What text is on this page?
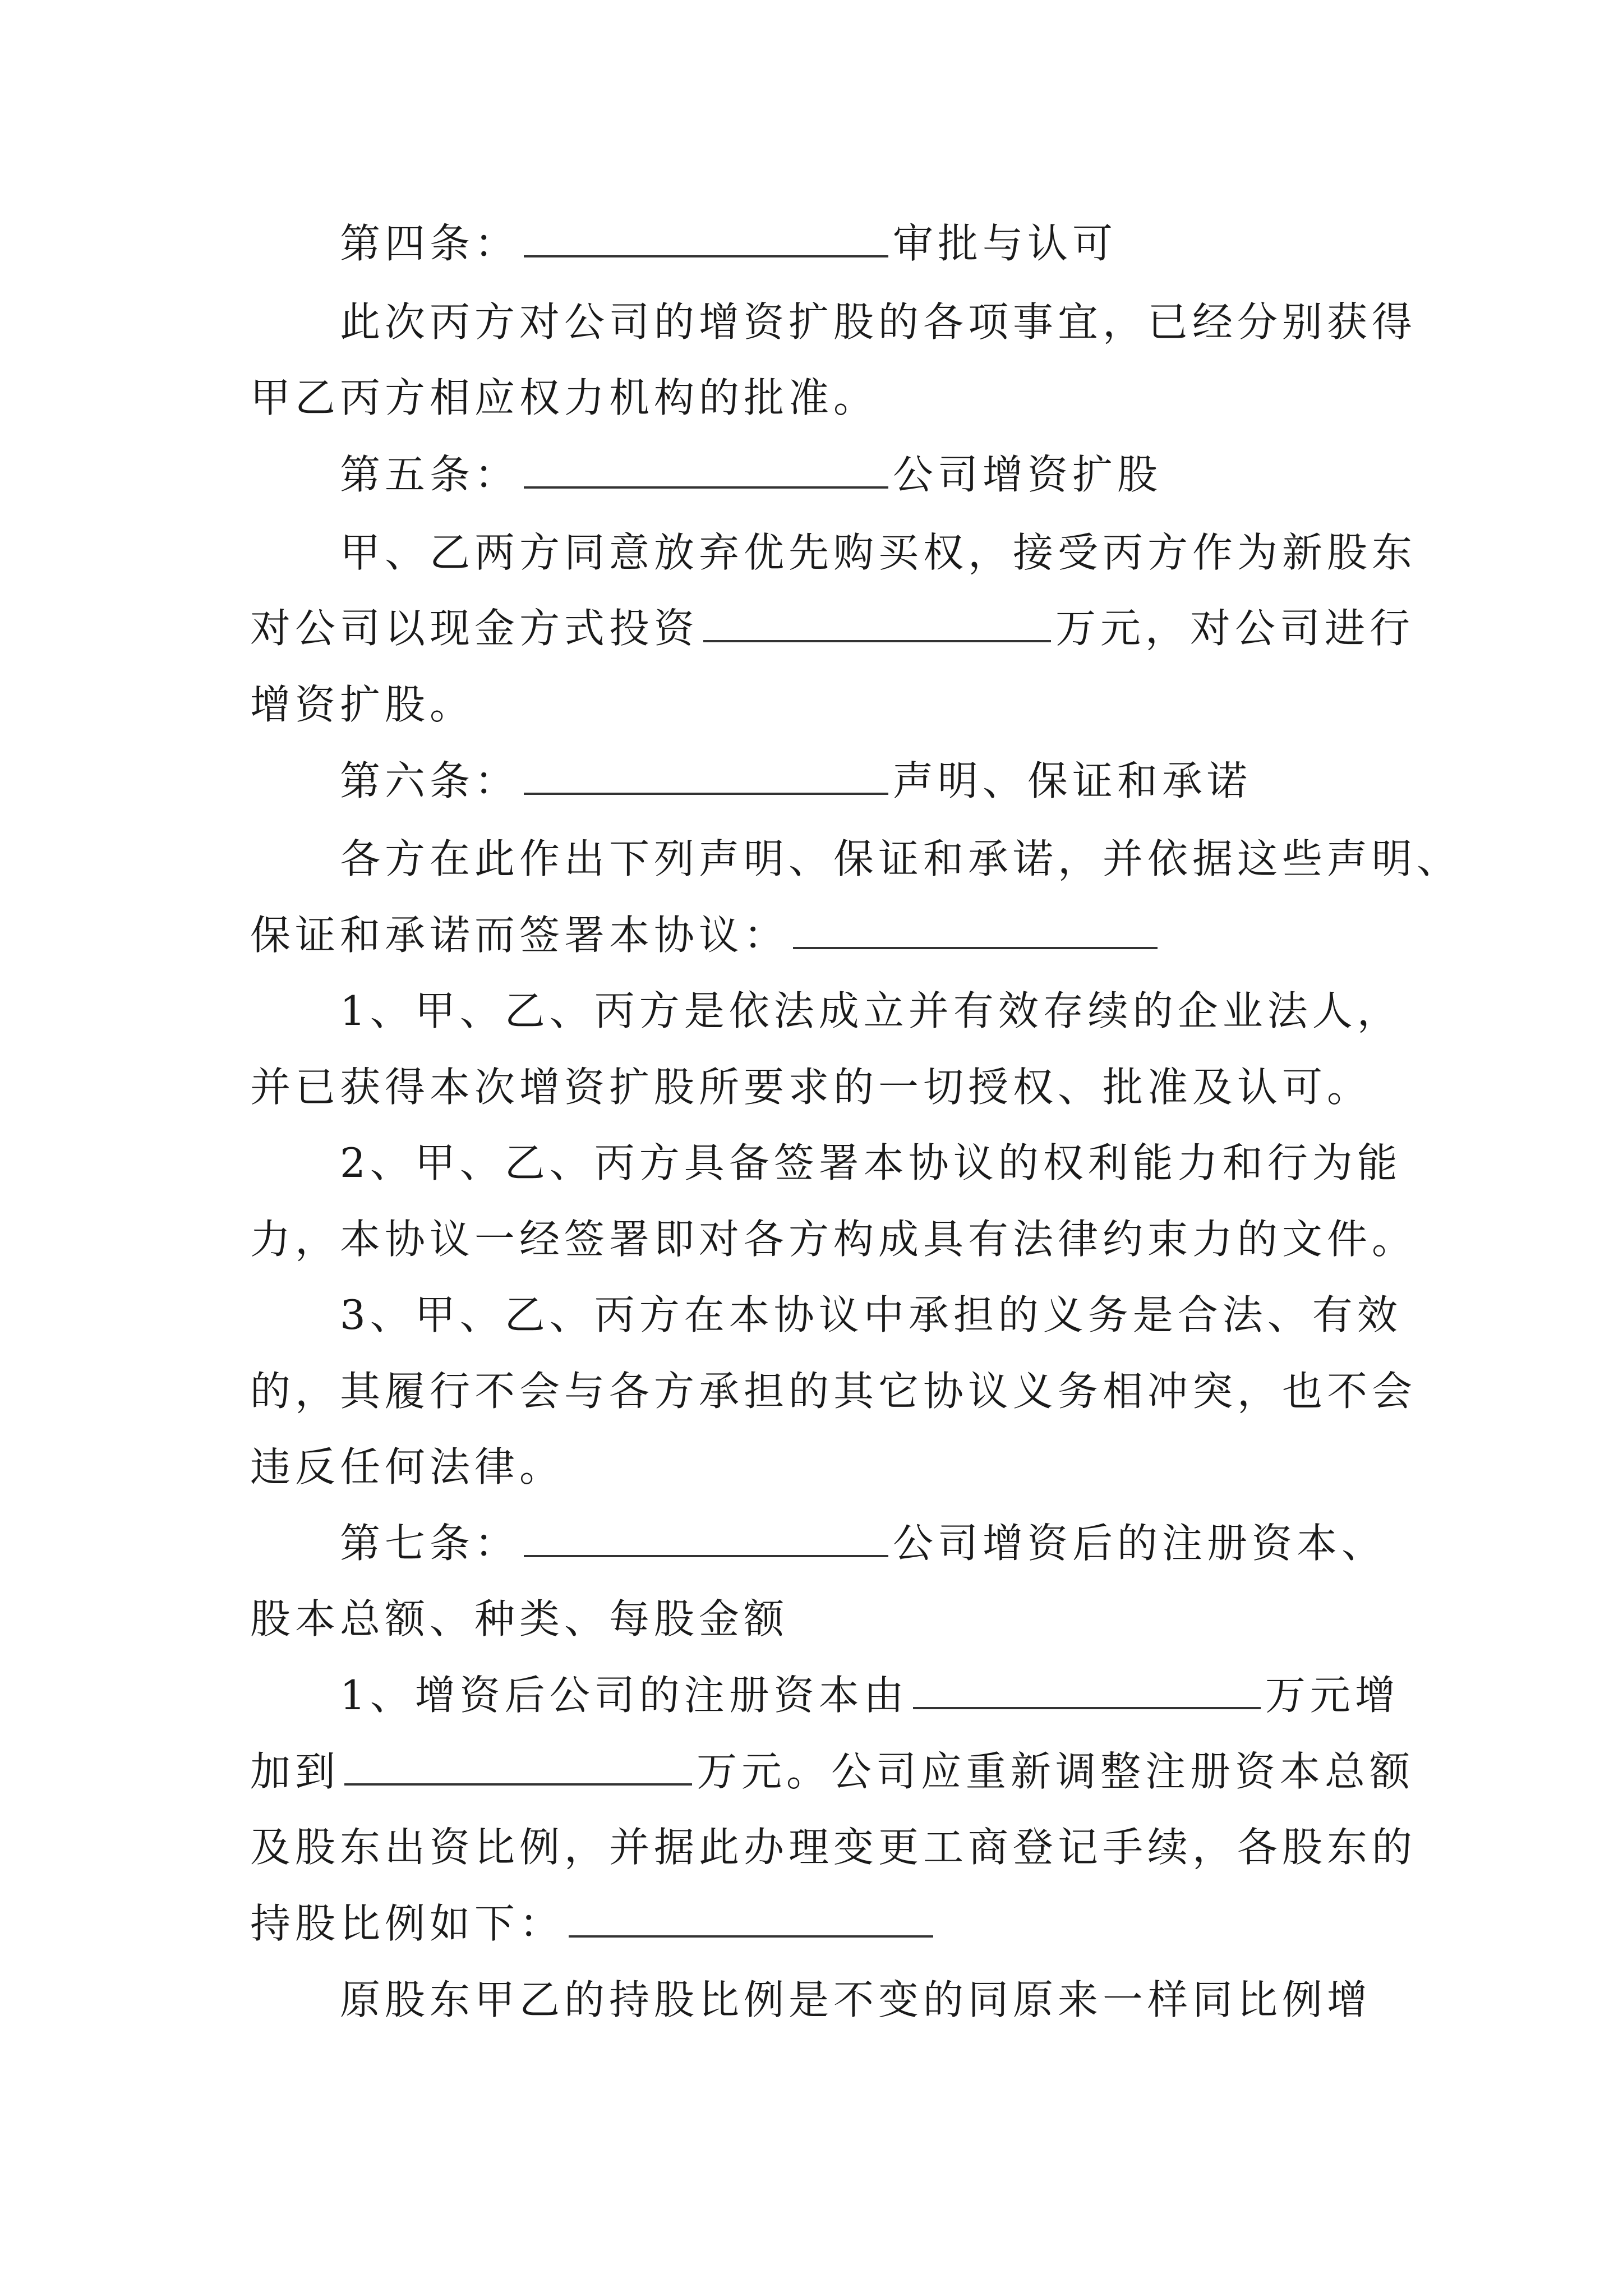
第四条：	审批与认可
此次丙方对公司的增资扩股的各项事宜，已经分别获得
甲乙丙方相应权力机构的批准。
第五条：	公司增资扩股
甲、乙两方同意放弃优先购买权，接受丙方作为新股东
对公司以现金方式投资	万元，对公司进行
增资扩股。
第六条：	声明、保证和承诺
各方在此作出下列声明、保证和承诺，并依据这些声明、
保证和承诺而签署本协议：
1、甲、乙、丙方是依法成立并有效存续的企业法人，
并已获得本次增资扩股所要求的一切授权、批准及认可。
2、甲、乙、丙方具备签署本协议的权利能力和行为能
力，本协议一经签署即对各方构成具有法律约束力的文件。
3、甲、乙、丙方在本协议中承担的义务是合法、有效
的，其履行不会与各方承担的其它协议义务相冲突，也不会
违反任何法律。
第七条：	公司增资后的注册资本、
股本总额、种类、每股金额
1、增资后公司的注册资本由	万元增
加到	万元。公司应重新调整注册资本总额
及股东出资比例，并据此办理变更工商登记手续，各股东的
持股比例如下：
原股东甲乙的持股比例是不变的同原来一样同比例增
